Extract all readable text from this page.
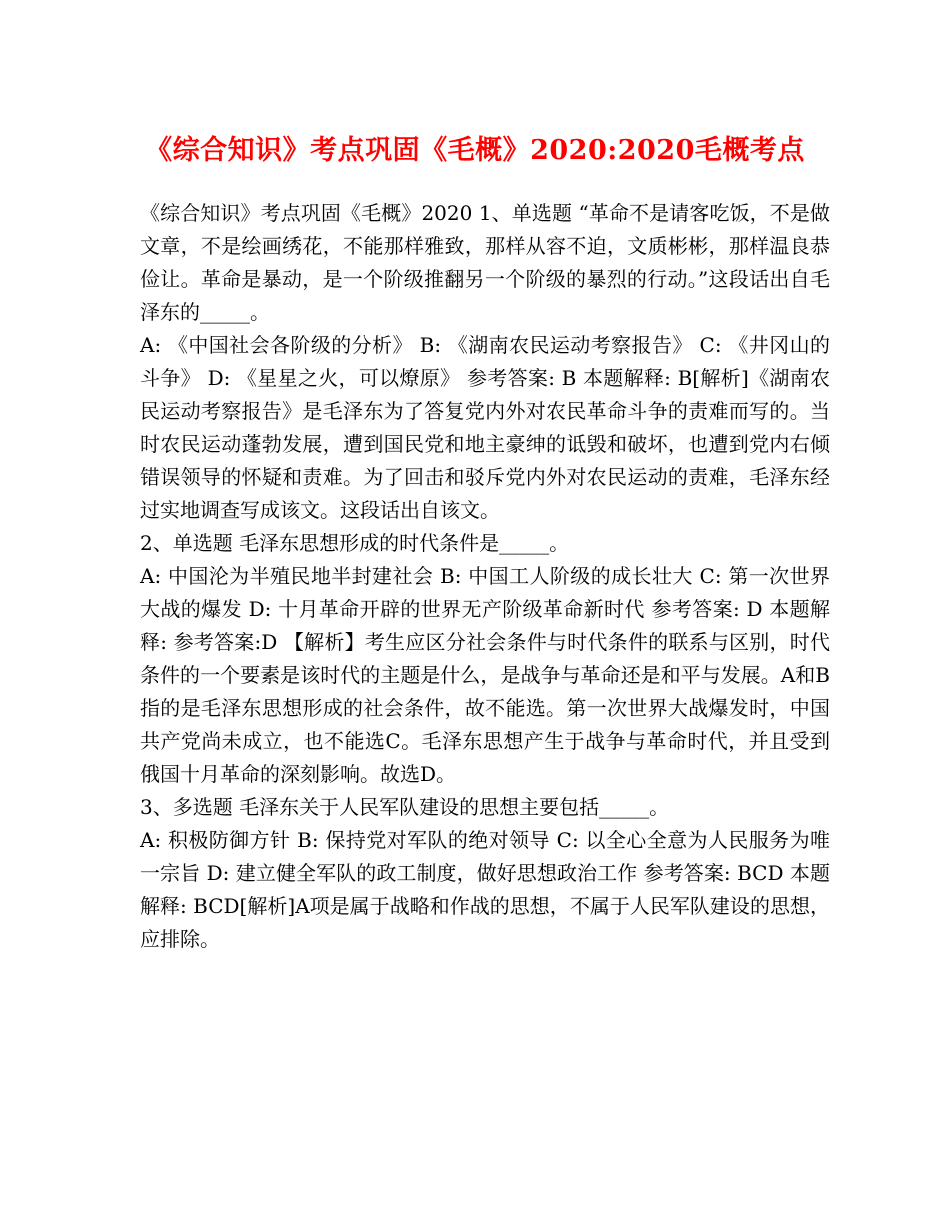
《综合知识》考点巩固《毛概》2020:2020毛概考点

《综合知识》考点巩固《毛概》2020 1、单选题 “革命不是请客吃饭，不是做文章，不是绘画绣花，不能那样雅致，那样从容不迫，文质彬彬，那样温良恭俭让。革命是暴动，是一个阶级推翻另一个阶级的暴烈的行动。”这段话出自毛泽东的_____。

A: 《中国社会各阶级的分析》 B: 《湖南农民运动考察报告》 C: 《井冈山的斗争》 D: 《星星之火，可以燎原》 参考答案: B 本题解释: B[解析]《湖南农民运动考察报告》是毛泽东为了答复党内外对农民革命斗争的责难而写的。当时农民运动蓬勃发展，遭到国民党和地主豪绅的诋毁和破坏，也遭到党内右倾错误领导的怀疑和责难。为了回击和驳斥党内外对农民运动的责难，毛泽东经过实地调查写成该文。这段话出自该文。

2、单选题 毛泽东思想形成的时代条件是_____。

A: 中国沦为半殖民地半封建社会 B: 中国工人阶级的成长壮大 C: 第一次世界大战的爆发 D: 十月革命开辟的世界无产阶级革命新时代 参考答案: D 本题解释: 参考答案:D 【解析】考生应区分社会条件与时代条件的联系与区别，时代条件的一个要素是该时代的主题是什么，是战争与革命还是和平与发展。A和B指的是毛泽东思想形成的社会条件，故不能选。第一次世界大战爆发时，中国共产党尚未成立，也不能选C。毛泽东思想产生于战争与革命时代，并且受到俄国十月革命的深刻影响。故选D。

3、多选题 毛泽东关于人民军队建设的思想主要包括_____。

A: 积极防御方针 B: 保持党对军队的绝对领导 C: 以全心全意为人民服务为唯一宗旨 D: 建立健全军队的政工制度，做好思想政治工作 参考答案: BCD 本题解释: BCD[解析]A项是属于战略和作战的思想，不属于人民军队建设的思想，应排除。
